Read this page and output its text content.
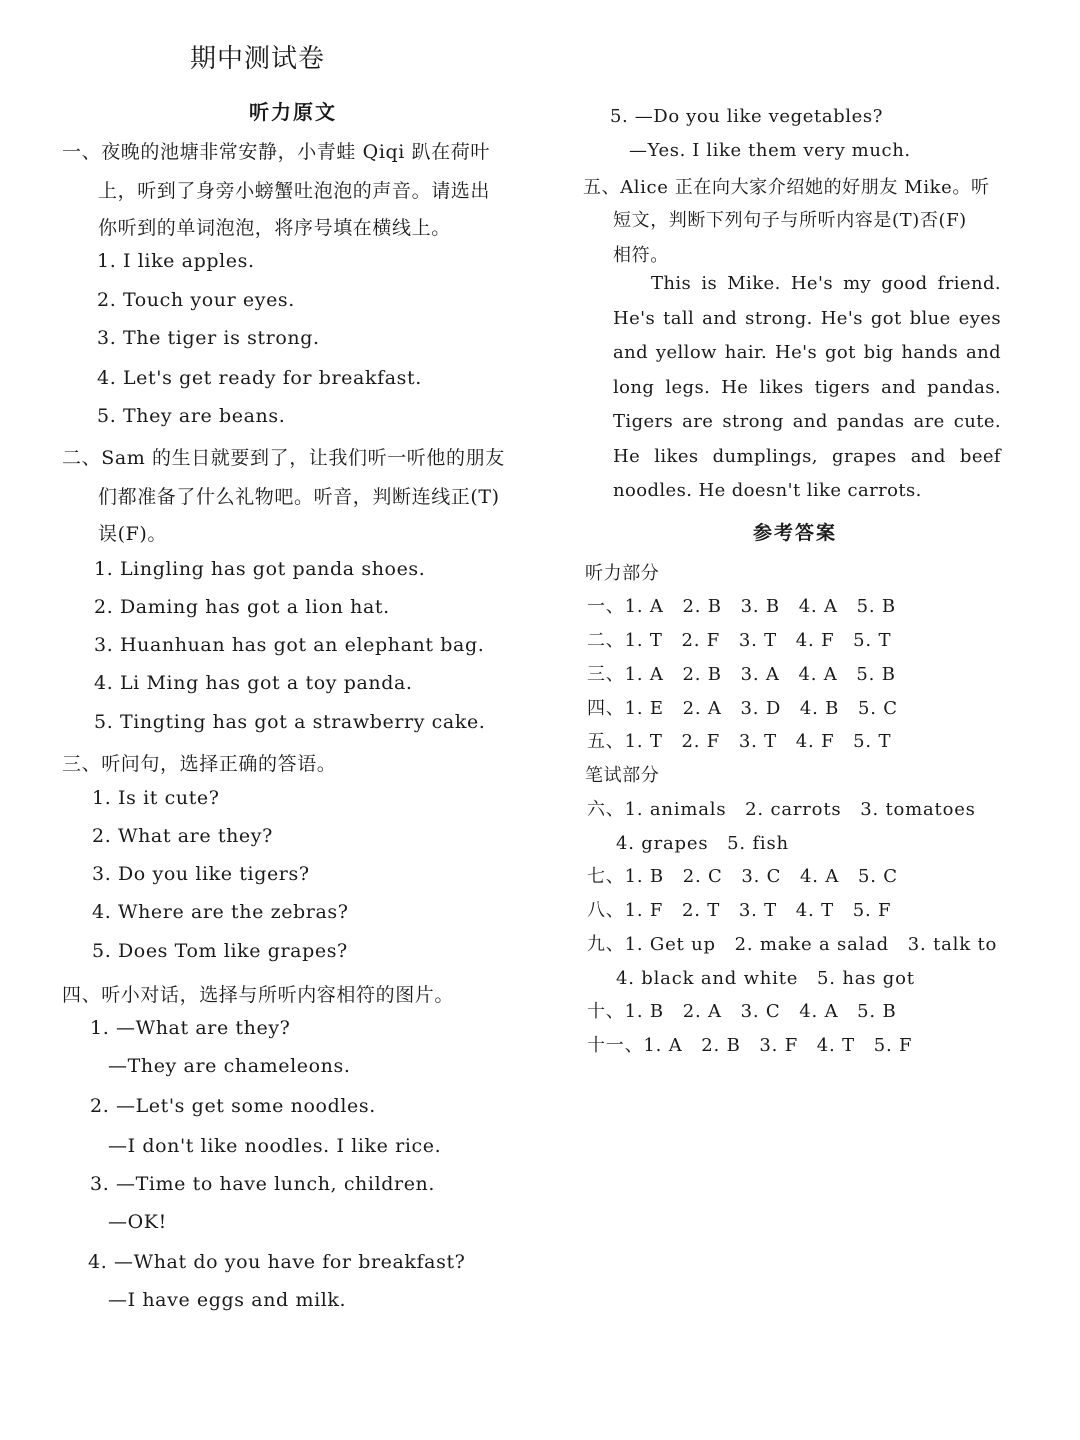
期中测试卷
听力原文
一、夜晚的池塘非常安静，小青蛙 Qiqi 趴在荷叶
上，听到了身旁小螃蟹吐泡泡的声音。请选出
你听到的单词泡泡，将序号填在横线上。
1. I like apples.
2. Touch your eyes.
3. The tiger is strong.
4. Let's get ready for breakfast.
5. They are beans.
二、Sam 的生日就要到了，让我们听一听他的朋友
们都准备了什么礼物吧。听音，判断连线正(T)
误(F)。
1. Lingling has got panda shoes.
2. Daming has got a lion hat.
3. Huanhuan has got an elephant bag.
4. Li Ming has got a toy panda.
5. Tingting has got a strawberry cake.
三、听问句，选择正确的答语。
1. Is it cute?
2. What are they?
3. Do you like tigers?
4. Where are the zebras?
5. Does Tom like grapes?
四、听小对话，选择与所听内容相符的图片。
1. —What are they?
—They are chameleons.
2. —Let's get some noodles.
—I don't like noodles. I like rice.
3. —Time to have lunch, children.
—OK!
4. —What do you have for breakfast?
—I have eggs and milk.
5. —Do you like vegetables?
—Yes. I like them very much.
五、Alice 正在向大家介绍她的好朋友 Mike。听
短文，判断下列句子与所听内容是(T)否(F)
相符。
This is Mike. He's my good friend. He's tall and strong. He's got blue eyes and yellow hair. He's got big hands and long legs. He likes tigers and pandas. Tigers are strong and pandas are cute. He likes dumplings, grapes and beef noodles. He doesn't like carrots.
参考答案
听力部分
一、1. A　2. B　3. B　4. A　5. B
二、1. T　2. F　3. T　4. F　5. T
三、1. A　2. B　3. A　4. A　5. B
四、1. E　2. A　3. D　4. B　5. C
五、1. T　2. F　3. T　4. F　5. T
笔试部分
六、1. animals　2. carrots　3. tomatoes
4. grapes　5. fish
七、1. B　2. C　3. C　4. A　5. C
八、1. F　2. T　3. T　4. T　5. F
九、1. Get up　2. make a salad　3. talk to
4. black and white　5. has got
十、1. B　2. A　3. C　4. A　5. B
十一、1. A　2. B　3. F　4. T　5. F
